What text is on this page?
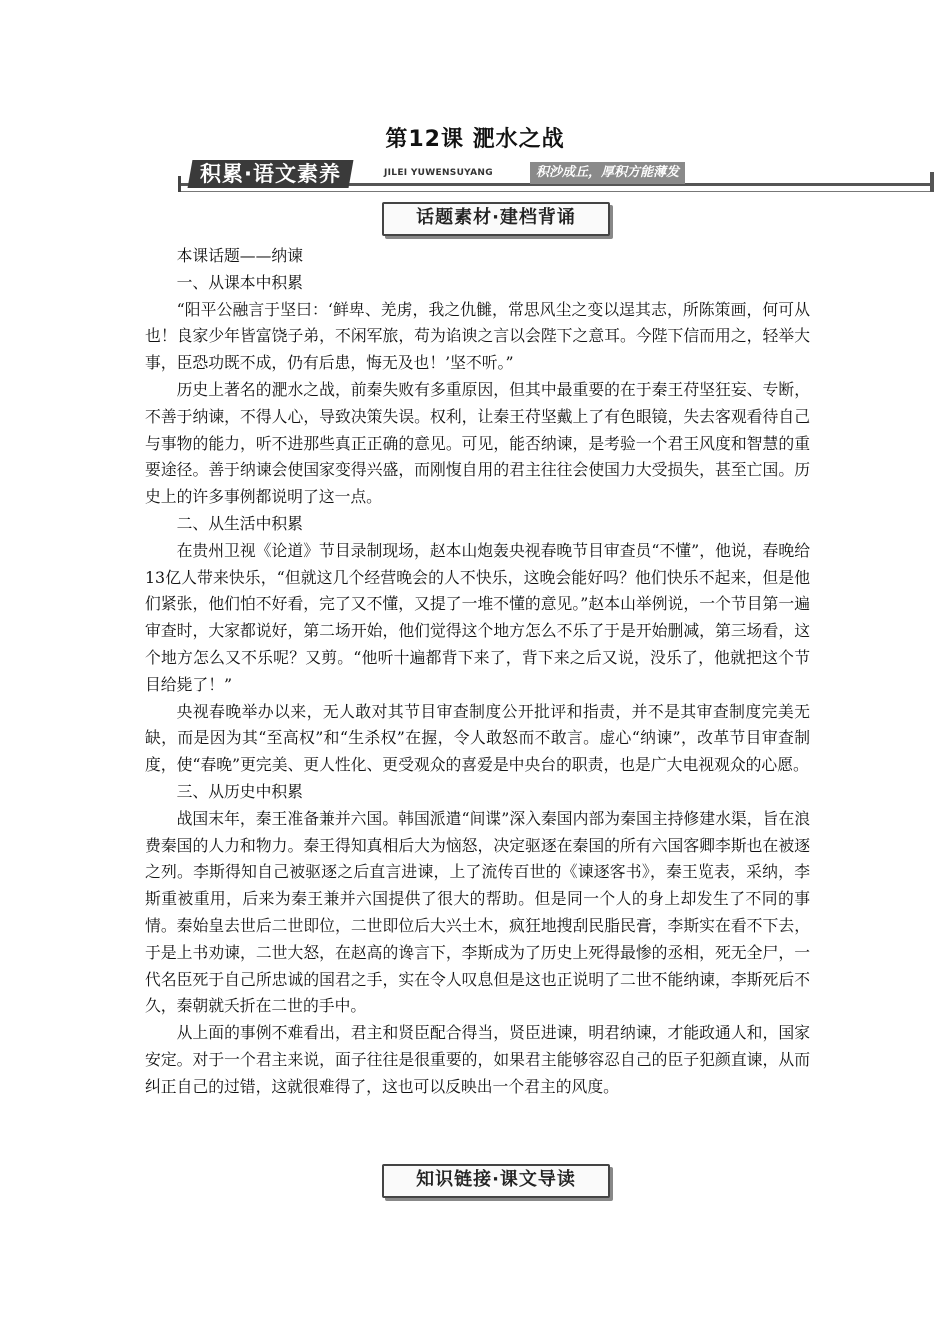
第12课 淝水之战
积累·语文素养	JILEI YUWENSUYANG	积沙成丘，厚积方能薄发
话题素材·建档背诵

本课话题——纳谏

一、从课本中积累

“阳平公融言于坚曰：‘鲜卑、羌虏，我之仇雠，常思风尘之变以逞其志，所陈策画，何可从也！良家少年皆富饶子弟，不闲军旅，苟为谄谀之言以会陛下之意耳。今陛下信而用之，轻举大事，臣恐功既不成，仍有后患，悔无及也！’坚不听。”

历史上著名的淝水之战，前秦失败有多重原因，但其中最重要的在于秦王苻坚狂妄、专断，不善于纳谏，不得人心，导致决策失误。权利，让秦王苻坚戴上了有色眼镜，失去客观看待自己与事物的能力，听不进那些真正正确的意见。可见，能否纳谏，是考验一个君王风度和智慧的重要途径。善于纳谏会使国家变得兴盛，而刚愎自用的君主往往会使国力大受损失，甚至亡国。历史上的许多事例都说明了这一点。

二、从生活中积累

在贵州卫视《论道》节目录制现场，赵本山炮轰央视春晚节目审查员“不懂”，他说，春晚给13亿人带来快乐，“但就这几个经营晚会的人不快乐，这晚会能好吗？他们快乐不起来，但是他们紧张，他们怕不好看，完了又不懂，又提了一堆不懂的意见。”赵本山举例说，一个节目第一遍审查时，大家都说好，第二场开始，他们觉得这个地方怎么不乐了于是开始删减，第三场看，这个地方怎么又不乐呢？又剪。“他听十遍都背下来了，背下来之后又说，没乐了，他就把这个节目给毙了！”

央视春晚举办以来，无人敢对其节目审查制度公开批评和指责，并不是其审查制度完美无缺，而是因为其“至高权”和“生杀权”在握，令人敢怒而不敢言。虚心“纳谏”，改革节目审查制度，使“春晚”更完美、更人性化、更受观众的喜爱是中央台的职责，也是广大电视观众的心愿。

三、从历史中积累

战国末年，秦王准备兼并六国。韩国派遣“间谍”深入秦国内部为秦国主持修建水渠，旨在浪费秦国的人力和物力。秦王得知真相后大为恼怒，决定驱逐在秦国的所有六国客卿李斯也在被逐之列。李斯得知自己被驱逐之后直言进谏，上了流传百世的《谏逐客书》，秦王览表，采纳，李斯重被重用，后来为秦王兼并六国提供了很大的帮助。但是同一个人的身上却发生了不同的事情。秦始皇去世后二世即位，二世即位后大兴土木，疯狂地搜刮民脂民膏，李斯实在看不下去，于是上书劝谏，二世大怒，在赵高的谗言下，李斯成为了历史上死得最惨的丞相，死无全尸，一代名臣死于自己所忠诚的国君之手，实在令人叹息但是这也正说明了二世不能纳谏，李斯死后不久，秦朝就夭折在二世的手中。

从上面的事例不难看出，君主和贤臣配合得当，贤臣进谏，明君纳谏，才能政通人和，国家安定。对于一个君主来说，面子往往是很重要的，如果君主能够容忍自己的臣子犯颜直谏，从而纠正自己的过错，这就很难得了，这也可以反映出一个君主的风度。

知识链接·课文导读
